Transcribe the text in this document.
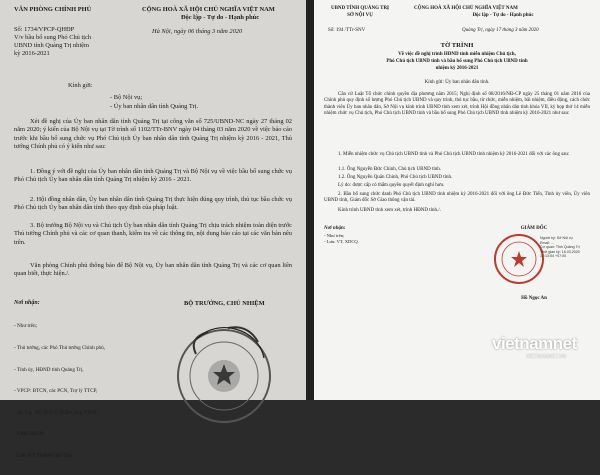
VĂN PHÒNG CHÍNH PHỦ	CỘNG HOÀ XÃ HỘI CHỦ NGHĨA VIỆT NAM
Độc lập - Tự do - Hạnh phúc
Số: 1734/VPCP-QHĐP
V/v bầu bổ sung Phó Chủ tịch
UBND tỉnh Quảng Trị nhiệm
kỳ 2016-2021
Hà Nội, ngày 06 tháng 3 năm 2020
Kính gửi:
- Bộ Nội vụ;
- Ủy ban nhân dân tỉnh Quảng Trị.
Xét đề nghị của Ủy ban nhân dân tỉnh Quảng Trị tại công văn số 725/UBND-NC ngày 27 tháng 02 năm 2020; ý kiến của Bộ Nội vụ tại Tờ trình số 1102/TTr-BNV ngày 04 tháng 03 năm 2020 về việc báo cáo trước khi bầu bổ sung chức vụ Phó Chủ tịch Ủy ban nhân dân tỉnh Quảng Trị nhiệm kỳ 2016 - 2021, Thủ tướng Chính phủ có ý kiến như sau:
1. Đồng ý với đề nghị của Ủy ban nhân dân tỉnh Quảng Trị và Bộ Nội vụ về việc bầu bổ sung chức vụ Phó Chủ tịch Ủy ban nhân dân tỉnh Quảng Trị nhiệm kỳ 2016 - 2021.
2. Hội đồng nhân dân, Ủy ban nhân dân tỉnh Quảng Trị thực hiện đúng quy trình, thủ tục bầu chức vụ Phó Chủ tịch Ủy ban nhân dân tỉnh theo quy định của pháp luật.
3. Bộ trưởng Bộ Nội vụ và Chủ tịch Ủy ban nhân dân tỉnh Quảng Trị chịu trách nhiệm toàn diện trước Thủ tướng Chính phủ và các cơ quan thanh, kiểm tra về các thông tin, nội dung báo cáo tại các văn bản nêu trên.
Văn phòng Chính phủ thông báo để Bộ Nội vụ, Ủy ban nhân dân tỉnh Quảng Trị và các cơ quan liên quan biết, thực hiện./.
Nơi nhận:

- Như trên;

- Thủ tướng, các Phó Thủ tướng Chính phủ,

- Tỉnh ủy, HĐND tỉnh Quảng Trị,

- VPCP: BTCN, các PCN, Trợ lý TTCP,

các Vụ: TH, TCCV; TGĐ Cổng TTĐT;

VPBCSĐCP;

- Lưu: VT, QHĐP (3b) Thuy

BỘ TRƯỞNG, CHỦ NHIỆM
UBND TỈNH QUẢNG TRỊ
SỞ NỘI VỤ
CỘNG HOÀ XÃ HỘI CHỦ NGHĨA VIỆT NAM
Độc lập - Tự do - Hạnh phúc
Số: 194 /TTr-SNV	Quảng Trị, ngày 17 tháng 3 năm 2020
TỜ TRÌNH
Về việc đề nghị trình HĐND tỉnh miễn nhiệm Chủ tịch,
Phó Chủ tịch UBND tỉnh và bầu bổ sung Phó Chủ tịch UBND tỉnh
nhiệm kỳ 2016-2021
Kính gửi: Ủy ban nhân dân tỉnh.
Căn cứ Luật Tổ chức chính quyền địa phương năm 2015; Nghị định số 08/2016/NĐ-CP ngày 25 tháng 01 năm 2016 của Chính phủ quy định số lượng Phó Chủ tịch UBND và quy trình, thủ tục bầu, từ chức, miễn nhiệm, bãi nhiệm, điều động, cách chức thành viên Ủy ban nhân dân, Sở Nội vụ kính trình UBND tỉnh xem xét, trình Hội đồng nhân dân tỉnh khóa VII, kỳ họp thứ 14 miễn nhiệm chức vụ Chủ tịch, Phó Chủ tịch UBND tỉnh và bầu bổ sung Phó Chủ tịch UBND tỉnh nhiệm kỳ 2016-2021 như sau:
1. Miễn nhiệm chức vụ Chủ tịch UBND tỉnh và Phó Chủ tịch UBND tỉnh nhiệm kỳ 2016-2021 đối với các ông sau:
1.1. Ông Nguyễn Đức Chính, Chủ tịch UBND tỉnh.
1.2. Ông Nguyễn Quân Chinh, Phó Chủ tịch UBND tỉnh.
Lý do: được cấp có thẩm quyền quyết định nghỉ hưu.
2. Bầu bổ sung chức danh Phó Chủ tịch UBND tỉnh nhiệm kỳ 2016-2021 đối với ông Lê Đức Tiến, Tỉnh ủy viên, Ủy viên UBND tỉnh, Giám đốc Sở Giao thông vận tải.
Kính trình UBND tỉnh xem xét, trình HĐND tỉnh./.
Nơi nhận:
- Như trên;
- Lưu: VT, XDCQ.
GIÁM ĐỐC
Người ký: Sở Nội vụ
Email: ...
Cơ quan: Tỉnh Quảng Trị
Thời gian ký: 16.03.2020
17:13:54 +07:00
Hồ Ngọc An
vietnamnet
VIETNAMNET.VN
